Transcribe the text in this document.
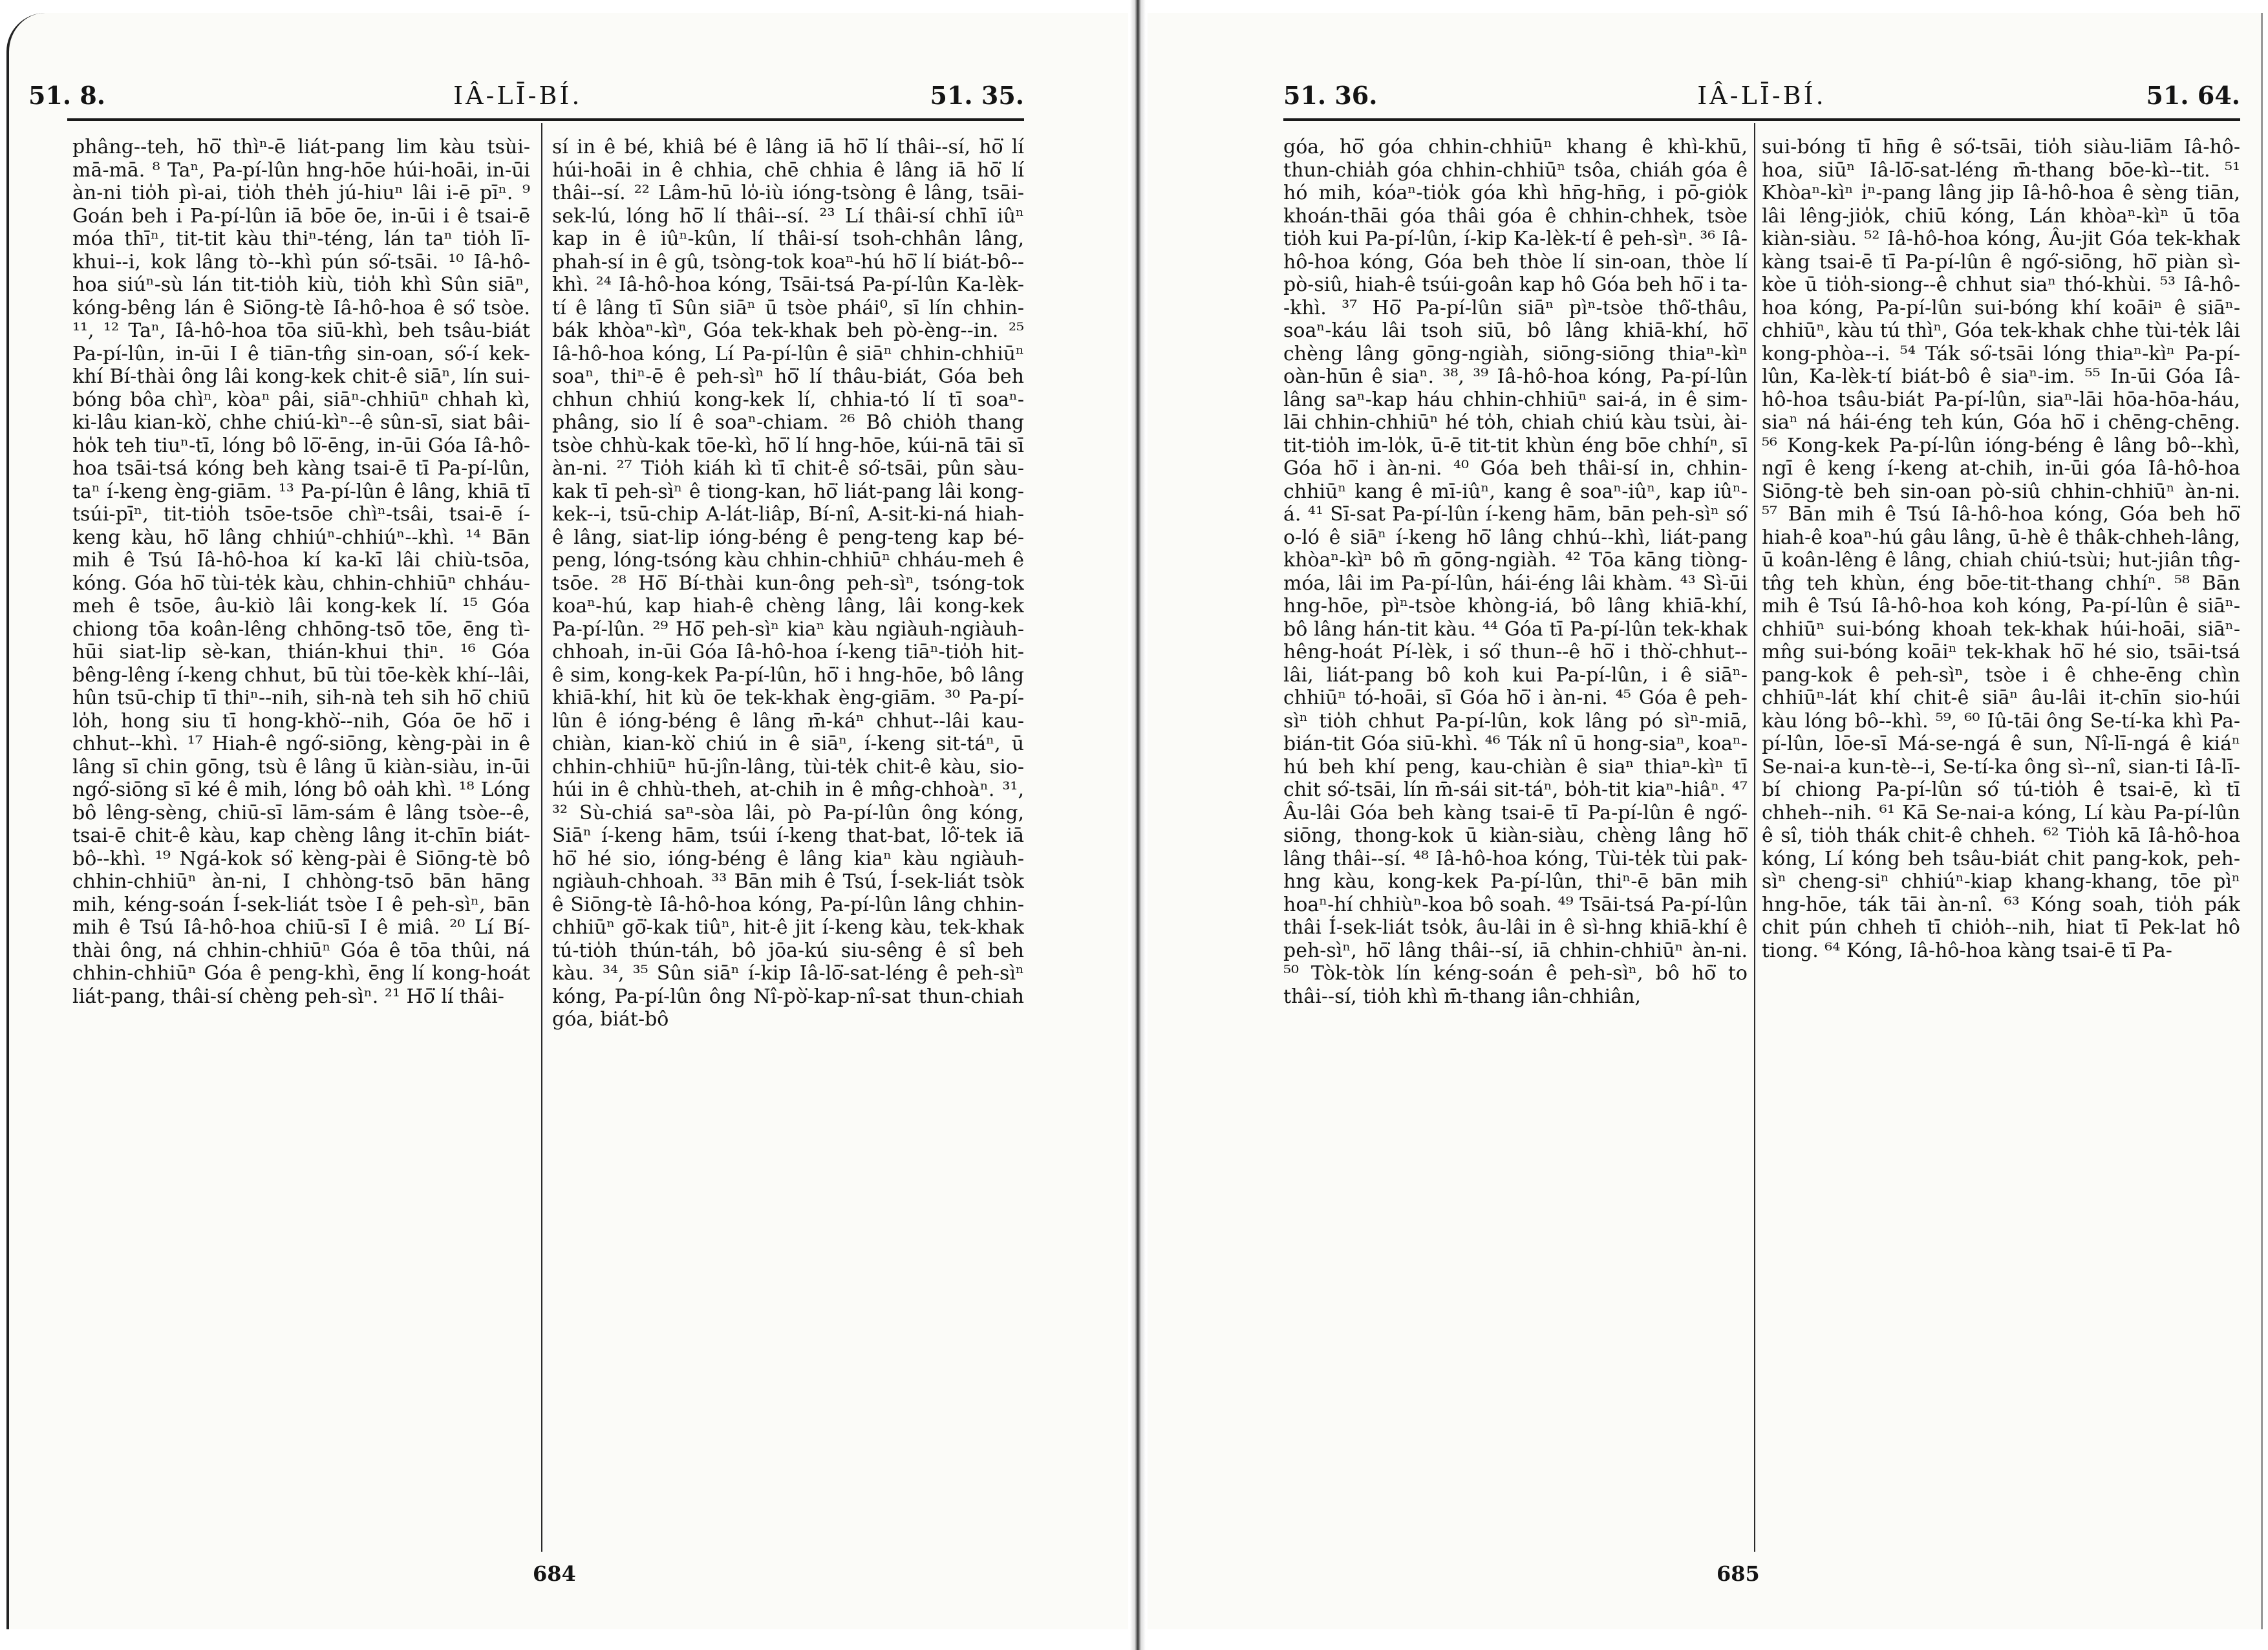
51. 8.	IÂ-LĪ-BÍ.	51. 35.

phâng--teh, hō͘ thìⁿ-ē liát-pang lim kàu tsùi-mā-mā. ⁸ Taⁿ, Pa-pí-lûn hng-hōe húi-hoāi, in-ūi àn-ni tio̍h pì-ai, tio̍h the̍h jú-hiuⁿ lâi i-ē pīⁿ. ⁹ Goán beh i Pa-pí-lûn iā bōe ōe, in-ūi i ê tsai-ē móa thīⁿ, tit-tit kàu thiⁿ-téng, lán taⁿ tio̍h lī-khui--i, kok lâng tò--khì pún só͘-tsāi. ¹⁰ Iâ-hô-hoa siúⁿ-sù lán tit-tio̍h kiù, tio̍h khì Sûn siāⁿ, kóng-bêng lán ê Siōng-tè Iâ-hô-hoa ê só͘ tsòe. ¹¹, ¹² Taⁿ, Iâ-hô-hoa tōa siū-khì, beh tsâu-biát Pa-pí-lûn, in-ūi I ê tiān-tn̂g sin-oan, só͘-í kek-khí Bí-thài ông lâi kong-kek chit-ê siāⁿ, lín sui-bóng bôa chìⁿ, kòaⁿ pâi, siāⁿ-chhiūⁿ chhah kì, ki-lâu kian-kò͘, chhe chiú-kìⁿ--ê sûn-sī, siat bâi-ho̍k teh tiuⁿ-tī, lóng bô lō͘-ēng, in-ūi Góa Iâ-hô-hoa tsāi-tsá kóng beh kàng tsai-ē tī Pa-pí-lûn, taⁿ í-keng èng-giām. ¹³ Pa-pí-lûn ê lâng, khiā tī tsúi-pīⁿ, tit-tio̍h tsōe-tsōe chìⁿ-tsâi, tsai-ē í-keng kàu, hō͘ lâng chhiúⁿ-chhiúⁿ--khì. ¹⁴ Bān mih ê Tsú Iâ-hô-hoa kí ka-kī lâi chiù-tsōa, kóng. Góa hō͘ tùi-te̍k kàu, chhin-chhiūⁿ chháu-meh ê tsōe, âu-kiò lâi kong-kek lí. ¹⁵ Góa chiong tōa koân-lêng chhōng-tsō tōe, ēng tì-hūi siat-lip sè-kan, thián-khui thiⁿ. ¹⁶ Góa bêng-lêng í-keng chhut, bū tùi tōe-kèk khí--lâi, hûn tsū-chip tī thiⁿ--nih, sih-nà teh sih hō͘ chiū lo̍h, hong siu tī hong-khò͘--nih, Góa ōe hō͘ i chhut--khì. ¹⁷ Hiah-ê ngó͘-siōng, kèng-pài in ê lâng sī chin gōng, tsù ê lâng ū kiàn-siàu, in-ūi ngó͘-siōng sī ké ê mih, lóng bô oa̍h khì. ¹⁸ Lóng bô lêng-sèng, chiū-sī lām-sám ê lâng tsòe--ê, tsai-ē chit-ê kàu, kap chèng lâng it-chīn biát-bô--khì. ¹⁹ Ngá-kok só͘ kèng-pài ê Siōng-tè bô chhin-chhiūⁿ àn-ni, I chhòng-tsō bān hāng mih, kéng-soán Í-sek-liát tsòe I ê peh-sìⁿ, bān mih ê Tsú Iâ-hô-hoa chiū-sī I ê miâ. ²⁰ Lí Bí-thài ông, ná chhin-chhiūⁿ Góa ê tōa thûi, ná chhin-chhiūⁿ Góa ê peng-khì, ēng lí kong-hoát liát-pang, thâi-sí chèng peh-sìⁿ. ²¹ Hō͘ lí thâi-

sí in ê bé, khiâ bé ê lâng iā hō͘ lí thâi--sí, hō͘ lí húi-hoāi in ê chhia, chē chhia ê lâng iā hō͘ lí thâi--sí. ²² Lâm-hū lo̍-iù ióng-tsòng ê lâng, tsāi-sek-lú, lóng hō͘ lí thâi--sí. ²³ Lí thâi-sí chhī iûⁿ kap in ê iûⁿ-kûn, lí thâi-sí tsoh-chhân lâng, phah-sí in ê gû, tsòng-tok koaⁿ-hú hō͘ lí biát-bô--khì. ²⁴ Iâ-hô-hoa kóng, Tsāi-tsá Pa-pí-lûn Ka-lèk-tí ê lâng tī Sûn siāⁿ ū tsòe phái⁰, sī lín chhin-bák khòaⁿ-kìⁿ, Góa tek-khak beh pò-èng--in. ²⁵ Iâ-hô-hoa kóng, Lí Pa-pí-lûn ê siāⁿ chhin-chhiūⁿ soaⁿ, thiⁿ-ē ê peh-sìⁿ hō͘ lí thâu-biát, Góa beh chhun chhiú kong-kek lí, chhia-tó lí tī soaⁿ-phâng, sio lí ê soaⁿ-chiam. ²⁶ Bô chio̍h thang tsòe chhù-kak tōe-kì, hō͘ lí hng-hōe, kúi-nā tāi sī àn-ni. ²⁷ Tio̍h kiáh kì tī chit-ê só͘-tsāi, pûn sàu-kak tī peh-sìⁿ ê tiong-kan, hō͘ liát-pang lâi kong-kek--i, tsū-chip A-lát-liâp, Bí-nî, A-sit-ki-ná hiah-ê lâng, siat-lip ióng-béng ê peng-teng kap bé-peng, lóng-tsóng kàu chhin-chhiūⁿ chháu-meh ê tsōe. ²⁸ Hō͘ Bí-thài kun-ông peh-sìⁿ, tsóng-tok koaⁿ-hú, kap hiah-ê chèng lâng, lâi kong-kek Pa-pí-lûn. ²⁹ Hō͘ peh-sìⁿ kiaⁿ kàu ngiàuh-ngiàuh-chhoah, in-ūi Góa Iâ-hô-hoa í-keng tiāⁿ-tio̍h hit-ê sim, kong-kek Pa-pí-lûn, hō͘ i hng-hōe, bô lâng khiā-khí, hit kù ōe tek-khak èng-giām. ³⁰ Pa-pí-lûn ê ióng-béng ê lâng m̄-káⁿ chhut--lâi kau-chiàn, kian-kò͘ chiú in ê siāⁿ, í-keng sit-táⁿ, ū chhin-chhiūⁿ hū-jîn-lâng, tùi-te̍k chit-ê kàu, sio-húi in ê chhù-theh, at-chih in ê mn̂g-chhoàⁿ. ³¹, ³² Sù-chiá saⁿ-sòa lâi, pò Pa-pí-lûn ông kóng, Siāⁿ í-keng hām, tsúi í-keng that-bat, lô͘-tek iā hō͘ hé sio, ióng-béng ê lâng kiaⁿ kàu ngiàuh-ngiàuh-chhoah. ³³ Bān mih ê Tsú, Í-sek-liát tsòk ê Siōng-tè Iâ-hô-hoa kóng, Pa-pí-lûn lâng chhin-chhiūⁿ gō͘-kak tiûⁿ, hit-ê jit í-keng kàu, tek-khak tú-tio̍h thún-táh, bô jōa-kú siu-sêng ê sî beh kàu. ³⁴, ³⁵ Sûn siāⁿ í-kip Iâ-lō͘-sat-léng ê peh-sìⁿ kóng, Pa-pí-lûn ông Nî-pò͘-kap-nî-sat thun-chiah góa, biát-bô

684
51. 36.	IÂ-LĪ-BÍ.	51. 64.

góa, hō͘ góa chhin-chhiūⁿ khang ê khì-khū, thun-chia̍h góa chhin-chhiūⁿ tsôa, chiáh góa ê hó mih, kóaⁿ-tio̍k góa khì hn̄g-hn̄g, i pō-gio̍k khoán-thāi góa thâi góa ê chhin-chhek, tsòe tio̍h kui Pa-pí-lûn, í-kip Ka-lèk-tí ê peh-sìⁿ. ³⁶ Iâ-hô-hoa kóng, Góa beh thòe lí sin-oan, thòe lí pò-siû, hiah-ê tsúi-goân kap hô Góa beh hō͘ i ta--khì. ³⁷ Hō͘ Pa-pí-lûn siāⁿ pìⁿ-tsòe thô͘-thâu, soaⁿ-káu lâi tsoh siū, bô lâng khiā-khí, hō͘ chèng lâng gōng-ngiàh, siōng-siōng thiaⁿ-kìⁿ oàn-hūn ê siaⁿ. ³⁸, ³⁹ Iâ-hô-hoa kóng, Pa-pí-lûn lâng saⁿ-kap háu chhin-chhiūⁿ sai-á, in ê sim-lāi chhin-chhiūⁿ hé to̍h, chiah chiú kàu tsùi, ài-tit-tio̍h im-lo̍k, ū-ē tit-tit khùn éng bōe chhíⁿ, sī Góa hō͘ i àn-ni. ⁴⁰ Góa beh thâi-sí in, chhin-chhiūⁿ kang ê mī-iûⁿ, kang ê soaⁿ-iûⁿ, kap iûⁿ-á. ⁴¹ Sī-sat Pa-pí-lûn í-keng hām, bān peh-sìⁿ só͘ o-ló ê siāⁿ í-keng hō͘ lâng chhú--khì, liát-pang khòaⁿ-kìⁿ bô m̄ gōng-ngiàh. ⁴² Tōa kāng tiòng-móa, lâi im Pa-pí-lûn, hái-éng lâi khàm. ⁴³ Sì-ūi hng-hōe, pìⁿ-tsòe khòng-iá, bô lâng khiā-khí, bô lâng hán-tit kàu. ⁴⁴ Góa tī Pa-pí-lûn tek-khak hêng-hoát Pí-lèk, i só͘ thun--ê hō͘ i thò͘-chhut--lâi, liát-pang bô koh kui Pa-pí-lûn, i ê siāⁿ-chhiūⁿ tó-hoāi, sī Góa hō͘ i àn-ni. ⁴⁵ Góa ê peh-sìⁿ tio̍h chhut Pa-pí-lûn, kok lâng pó sìⁿ-miā, bián-tit Góa siū-khì. ⁴⁶ Ták nî ū hong-siaⁿ, koaⁿ-hú beh khí peng, kau-chiàn ê siaⁿ thiaⁿ-kìⁿ tī chit só͘-tsāi, lín m̄-sái sit-táⁿ, bo̍h-tit kiaⁿ-hiâⁿ. ⁴⁷ Âu-lâi Góa beh kàng tsai-ē tī Pa-pí-lûn ê ngó͘-siōng, thong-kok ū kiàn-siàu, chèng lâng hō͘ lâng thâi--sí. ⁴⁸ Iâ-hô-hoa kóng, Tùi-te̍k tùi pak-hng kàu, kong-kek Pa-pí-lûn, thiⁿ-ē bān mih hoaⁿ-hí chhiùⁿ-koa bô soah. ⁴⁹ Tsāi-tsá Pa-pí-lûn thâi Í-sek-liát tso̍k, âu-lâi in ê sì-hng khiā-khí ê peh-sìⁿ, hō͘ lâng thâi--sí, iā chhin-chhiūⁿ àn-ni. ⁵⁰ Tòk-tòk lín kéng-soán ê peh-sìⁿ, bô hō͘ to thâi--sí, tio̍h khì m̄-thang iân-chhiân,

sui-bóng tī hn̄g ê só͘-tsāi, tio̍h siàu-liām Iâ-hô-hoa, siūⁿ Iâ-lō͘-sat-léng m̄-thang bōe-kì--tit. ⁵¹ Khòaⁿ-kìⁿ i̍ⁿ-pang lâng jip Iâ-hô-hoa ê sèng tiān, lâi lêng-jio̍k, chiū kóng, Lán khòaⁿ-kìⁿ ū tōa kiàn-siàu. ⁵² Iâ-hô-hoa kóng, Âu-jit Góa tek-khak kàng tsai-ē tī Pa-pí-lûn ê ngó͘-siōng, hō͘ piàn sì-kòe ū tio̍h-siong--ê chhut siaⁿ thó-khùi. ⁵³ Iâ-hô-hoa kóng, Pa-pí-lûn sui-bóng khí koāiⁿ ê siāⁿ-chhiūⁿ, kàu tú thìⁿ, Góa tek-khak chhe tùi-te̍k lâi kong-phòa--i. ⁵⁴ Ták só͘-tsāi lóng thiaⁿ-kìⁿ Pa-pí-lûn, Ka-lèk-tí biát-bô ê siaⁿ-im. ⁵⁵ In-ūi Góa Iâ-hô-hoa tsâu-biát Pa-pí-lûn, siaⁿ-lāi hōa-hōa-háu, siaⁿ ná hái-éng teh kún, Góa hō͘ i chēng-chēng. ⁵⁶ Kong-kek Pa-pí-lûn ióng-béng ê lâng bô--khì, ngī ê keng í-keng at-chih, in-ūi góa Iâ-hô-hoa Siōng-tè beh sin-oan pò-siû chhin-chhiūⁿ àn-ni. ⁵⁷ Bān mih ê Tsú Iâ-hô-hoa kóng, Góa beh hō͘ hiah-ê koaⁿ-hú gâu lâng, ū-hè ê thâk-chheh-lâng, ū koân-lêng ê lâng, chiah chiú-tsùi; hut-jiân tn̂g-tn̂g teh khùn, éng bōe-tit-thang chhíⁿ. ⁵⁸ Bān mih ê Tsú Iâ-hô-hoa koh kóng, Pa-pí-lûn ê siāⁿ-chhiūⁿ sui-bóng khoah tek-khak húi-hoāi, siāⁿ-mn̂g sui-bóng koāiⁿ tek-khak hō͘ hé sio, tsāi-tsá pang-kok ê peh-sìⁿ, tsòe i ê chhe-ēng chìn chhiūⁿ-lát khí chit-ê siāⁿ âu-lâi it-chīn sio-húi kàu lóng bô--khì. ⁵⁹, ⁶⁰ Iû-tāi ông Se-tí-ka khì Pa-pí-lûn, lōe-sī Má-se-ngá ê sun, Nî-lī-ngá ê kiáⁿ Se-nai-a kun-tè--i, Se-tí-ka ông sì--nî, sian-ti Iâ-lī-bí chiong Pa-pí-lûn só͘ tú-tio̍h ê tsai-ē, kì tī chheh--nih. ⁶¹ Kā Se-nai-a kóng, Lí kàu Pa-pí-lûn ê sî, tio̍h thák chit-ê chheh. ⁶² Tio̍h kā Iâ-hô-hoa kóng, Lí kóng beh tsâu-biát chit pang-kok, peh-sìⁿ cheng-siⁿ chhiúⁿ-kiap khang-khang, tōe pìⁿ hng-hōe, ták tāi àn-nî. ⁶³ Kóng soah, tio̍h pák chit pún chheh tī chio̍h--nih, hiat tī Pek-lat hô tiong. ⁶⁴ Kóng, Iâ-hô-hoa kàng tsai-ē tī Pa-

685
